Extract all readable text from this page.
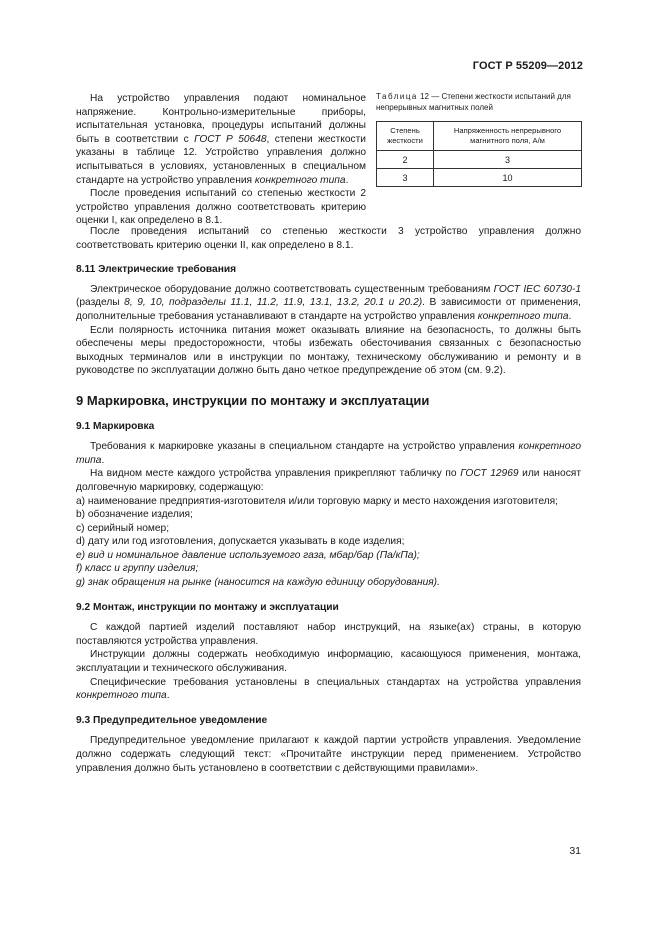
ГОСТ Р 55209—2012

На устройство управления подают номинальное напряжение. Контрольно-измерительные приборы, испытательная установка, процедуры испытаний должны быть в соответствии с ГОСТ Р 50648, степени жесткости указаны в таблице 12. Устройство управления должно испытываться в условиях, установленных в специальном стандарте на устройство управления конкретного типа.

После проведения испытаний со степенью жесткости 2 устройство управления должно соответствовать критерию оценки I, как определено в 8.1.

Таблица 12 — Степени жесткости испытаний для непрерывных магнитных полей
Степень жесткости	Напряженность непрерывного магнитного поля, А/м
2	3
3	10

После проведения испытаний со степенью жесткости 3 устройство управления должно соответствовать критерию оценки II, как определено в 8.1.

8.11 Электрические требования

Электрическое оборудование должно соответствовать существенным требованиям ГОСТ IEC 60730-1 (разделы 8, 9, 10, подразделы 11.1, 11.2, 11.9, 13.1, 13.2, 20.1 и 20.2). В зависимости от применения, дополнительные требования устанавливают в стандарте на устройство управления конкретного типа.

Если полярность источника питания может оказывать влияние на безопасность, то должны быть обеспечены меры предосторожности, чтобы избежать обесточивания связанных с безопасностью выходных терминалов или в инструкции по монтажу, техническому обслуживанию и ремонту и в руководстве по эксплуатации должно быть дано четкое предупреждение об этом (см. 9.2).

9 Маркировка, инструкции по монтажу и эксплуатации
9.1 Маркировка

Требования к маркировке указаны в специальном стандарте на устройство управления конкретного типа.

На видном месте каждого устройства управления прикрепляют табличку по ГОСТ 12969 или наносят долговечную маркировку, содержащую:

a) наименование предприятия-изготовителя и/или торговую марку и место нахождения изготовителя;

b) обозначение изделия;

c) серийный номер;

d) дату или год изготовления, допускается указывать в коде изделия;

e) вид и номинальное давление используемого газа, мбар/бар (Па/кПа);

f) класс и группу изделия;

g) знак обращения на рынке (наносится на каждую единицу оборудования).

9.2 Монтаж, инструкции по монтажу и эксплуатации

С каждой партией изделий поставляют набор инструкций, на языке(ах) страны, в которую поставляются устройства управления.

Инструкции должны содержать необходимую информацию, касающуюся применения, монтажа, эксплуатации и технического обслуживания.

Специфические требования установлены в специальных стандартах на устройства управления конкретного типа.

9.3 Предупредительное уведомление

Предупредительное уведомление прилагают к каждой партии устройств управления. Уведомление должно содержать следующий текст: «Прочитайте инструкции перед применением. Устройство управления должно быть установлено в соответствии с действующими правилами».

31
